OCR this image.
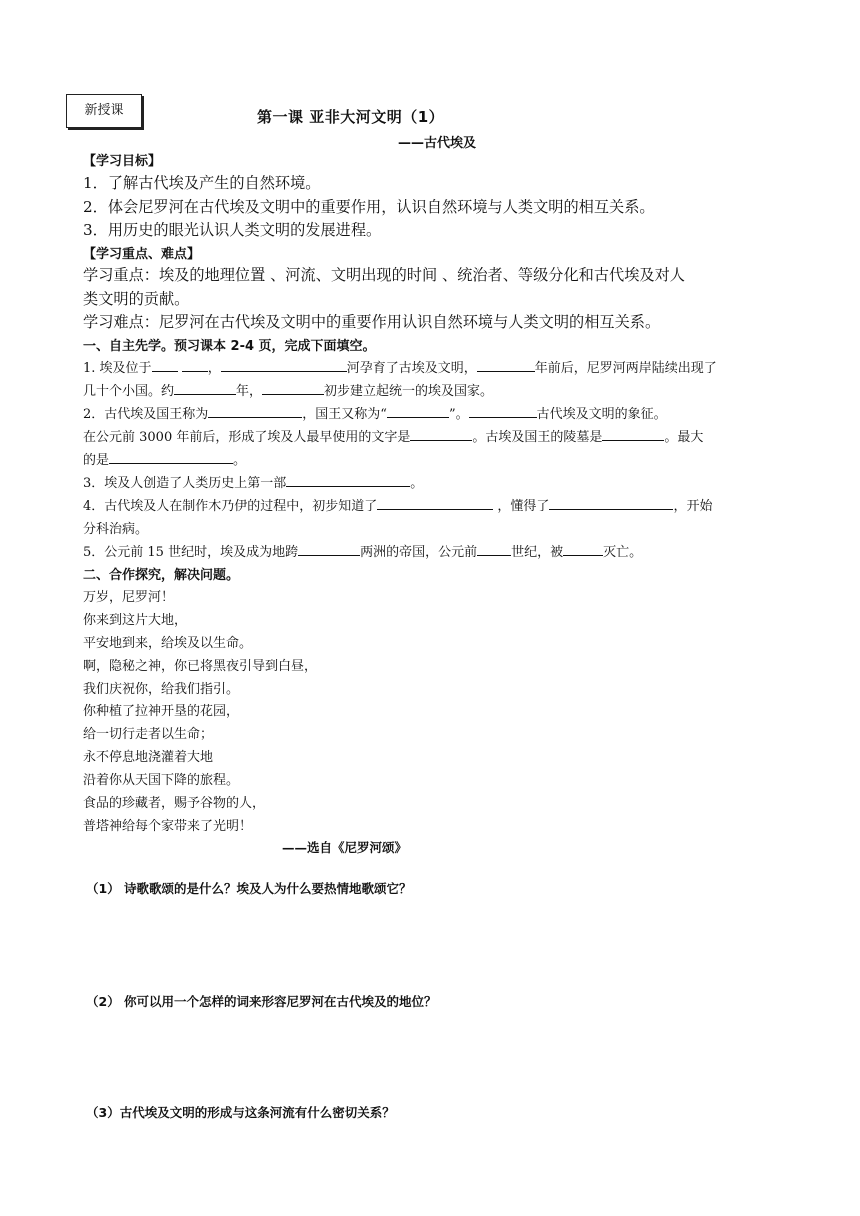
新授课	第一课 亚非大河文明（1）
——古代埃及
【学习目标】
1．了解古代埃及产生的自然环境。
2．体会尼罗河在古代埃及文明中的重要作用，认识自然环境与人类文明的相互关系。
3．用历史的眼光认识人类文明的发展进程。
【学习重点、难点】
学习重点：埃及的地理位置 、河流、文明出现的时间 、统治者、等级分化和古代埃及对人
类文明的贡献。
学习难点：尼罗河在古代埃及文明中的重要作用认识自然环境与人类文明的相互关系。
一、自主先学。预习课本 2-4 页，完成下面填空。
1. 埃及位于	，	河孕育了古埃及文明，	年前后，尼罗河两岸陆续出现了
几十个小国。约	年，	初步建立起统一的埃及国家。
2．古代埃及国王称为	，国王又称为“	”。	古代埃及文明的象征。
在公元前 3000 年前后，形成了埃及人最早使用的文字是	。古埃及国王的陵墓是	。最大
的是	。
3．埃及人创造了人类历史上第一部	。
4．古代埃及人在制作木乃伊的过程中，初步知道了	，懂得了	，开始
分科治病。
5．公元前 15 世纪时，埃及成为地跨	两洲的帝国，公元前	世纪，被	灭亡。
二、合作探究，解决问题。
万岁，尼罗河！
你来到这片大地，
平安地到来，给埃及以生命。
啊，隐秘之神，你已将黑夜引导到白昼，
我们庆祝你，给我们指引。
你种植了拉神开垦的花园，
给一切行走者以生命；
永不停息地浇灌着大地
沿着你从天国下降的旅程。
食品的珍藏者，赐予谷物的人，
普塔神给每个家带来了光明！
——选自《尼罗河颂》
（1） 诗歌歌颂的是什么？埃及人为什么要热情地歌颂它？
（2） 你可以用一个怎样的词来形容尼罗河在古代埃及的地位？
（3）古代埃及文明的形成与这条河流有什么密切关系？
